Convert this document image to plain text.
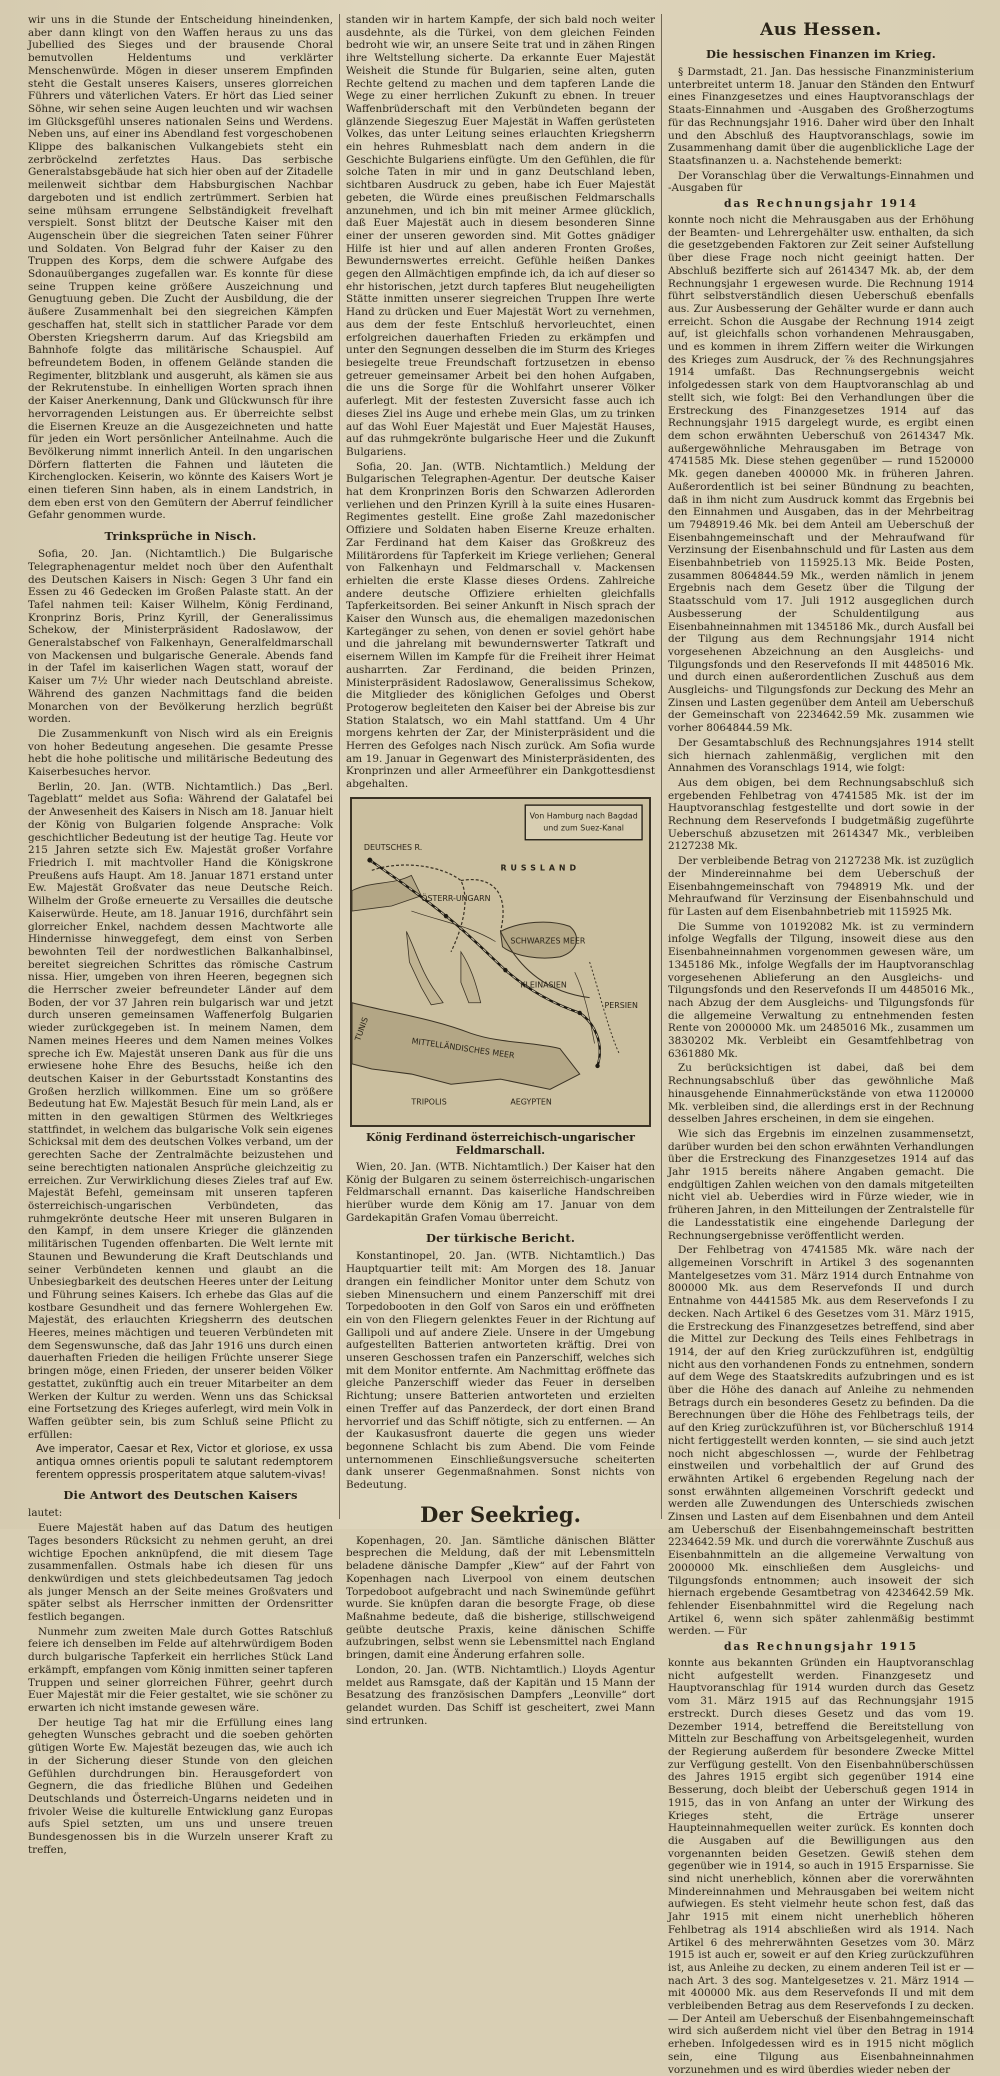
wir uns in die Stunde der Entscheidung hineindenken, aber dann klingt von den Waffen heraus zu uns das Jubellied des Sieges und der brausende Choral bemutvollen Heldentums und verklärter Menschenwürde. Mögen in dieser unserem Empfinden steht die Gestalt unseres Kaisers, unseres glorreichen Führers und väterlichen Vaters. Er hört das Lied seiner Söhne, wir sehen seine Augen leuchten und wir wachsen im Glücksgefühl unseres nationalen Seins und Werdens. Neben uns, auf einer ins Abendland fest vorgeschobenen Klippe des balkanischen Vulkangebiets steht ein zerbröckelnd zerfetztes Haus. Das serbische Generalstabsgebäude hat sich hier oben auf der Zitadelle meilenweit sichtbar dem Habsburgischen Nachbar dargeboten und ist endlich zertrümmert. Serbien hat seine mühsam errungene Selbständigkeit frevelhaft verspielt. Sonst blitzt der Deutsche Kaiser mit den Augenschein über die siegreichen Taten seiner Führer und Soldaten. Von Belgrad fuhr der Kaiser zu den Truppen des Korps, dem die schwere Aufgabe des Sdonauüberganges zugefallen war. Es konnte für diese seine Truppen keine größere Auszeichnung und Genugtuung geben. Die Zucht der Ausbildung, die der äußere Zusammenhalt bei den siegreichen Kämpfen geschaffen hat, stellt sich in stattlicher Parade vor dem Obersten Kriegsherrn darum. Auf das Kriegsbild am Bahnhofe folgte das militärische Schauspiel. Auf befreundetem Boden, in offenem Gelände standen die Regimenter, blitzblank und ausgeruht, als kämen sie aus der Rekrutenstube. In einhelligen Worten sprach ihnen der Kaiser Anerkennung, Dank und Glückwunsch für ihre hervorragenden Leistungen aus. Er überreichte selbst die Eisernen Kreuze an die Ausgezeichneten und hatte für jeden ein Wort persönlicher Anteilnahme. Auch die Bevölkerung nimmt innerlich Anteil. In den ungarischen Dörfern flatterten die Fahnen und läuteten die Kirchenglocken. Keiserin, wo könnte des Kaisers Wort je einen tieferen Sinn haben, als in einem Landstrich, in dem eben erst von den Gemütern der Aberruf feindlicher Gefahr genommen wurde.

Trinksprüche in Nisch.

Sofia, 20. Jan. (Nichtamtlich.) Die Bulgarische Telegraphenagentur meldet noch über den Aufenthalt des Deutschen Kaisers in Nisch: Gegen 3 Uhr fand ein Essen zu 46 Gedecken im Großen Palaste statt. An der Tafel nahmen teil: Kaiser Wilhelm, König Ferdinand, Kronprinz Boris, Prinz Kyrill, der Generalissimus Schekow, der Ministerpräsident Radoslawow, der Generalstabschef von Falkenhayn, Generalfeldmarschall von Mackensen und bulgarische Generale. Abends fand in der Tafel im kaiserlichen Wagen statt, worauf der Kaiser um 7½ Uhr wieder nach Deutschland abreiste. Während des ganzen Nachmittags fand die beiden Monarchen von der Bevölkerung herzlich begrüßt worden.

Die Zusammenkunft von Nisch wird als ein Ereignis von hoher Bedeutung angesehen. Die gesamte Presse hebt die hohe politische und militärische Bedeutung des Kaiserbesuches hervor.

Berlin, 20. Jan. (WTB. Nichtamtlich.) Das „Berl. Tageblatt“ meldet aus Sofia: Während der Galatafel bei der Anwesenheit des Kaisers in Nisch am 18. Januar hielt der König von Bulgarien folgende Ansprache: Volk geschichtlicher Bedeutung ist der heutige Tag. Heute vor 215 Jahren setzte sich Ew. Majestät großer Vorfahre Friedrich I. mit machtvoller Hand die Königskrone Preußens aufs Haupt. Am 18. Januar 1871 erstand unter Ew. Majestät Großvater das neue Deutsche Reich. Wilhelm der Große erneuerte zu Versailles die deutsche Kaiserwürde. Heute, am 18. Januar 1916, durchfährt sein glorreicher Enkel, nachdem dessen Machtworte alle Hindernisse hinweggefegt, dem einst von Serben bewohnten Teil der nordwestlichen Balkanhalbinsel, bereitet siegreichen Schrittes das römische Castrum nissa. Hier, umgeben von ihren Heeren, begegnen sich die Herrscher zweier befreundeter Länder auf dem Boden, der vor 37 Jahren rein bulgarisch war und jetzt durch unseren gemeinsamen Waffenerfolg Bulgarien wieder zurückgegeben ist. In meinem Namen, dem Namen meines Heeres und dem Namen meines Volkes spreche ich Ew. Majestät unseren Dank aus für die uns erwiesene hohe Ehre des Besuchs, heiße ich den deutschen Kaiser in der Geburtsstadt Konstantins des Großen herzlich willkommen. Eine um so größere Bedeutung hat Ew. Majestät Besuch für mein Land, als er mitten in den gewaltigen Stürmen des Weltkrieges stattfindet, in welchem das bulgarische Volk sein eigenes Schicksal mit dem des deutschen Volkes verband, um der gerechten Sache der Zentralmächte beizustehen und seine berechtigten nationalen Ansprüche gleichzeitig zu erreichen. Zur Verwirklichung dieses Zieles traf auf Ew. Majestät Befehl, gemeinsam mit unseren tapferen österreichisch-ungarischen Verbündeten, das ruhmgekrönte deutsche Heer mit unseren Bulgaren in den Kampf, in dem unsere Krieger die glänzenden militärischen Tugenden offenbarten. Die Welt lernte mit Staunen und Bewunderung die Kraft Deutschlands und seiner Verbündeten kennen und glaubt an die Unbesiegbarkeit des deutschen Heeres unter der Leitung und Führung seines Kaisers. Ich erhebe das Glas auf die kostbare Gesundheit und das fernere Wohlergehen Ew. Majestät, des erlauchten Kriegsherrn des deutschen Heeres, meines mächtigen und teueren Verbündeten mit dem Segenswunsche, daß das Jahr 1916 uns durch einen dauerhaften Frieden die heiligen Früchte unserer Siege bringen möge, einen Frieden, der unserer beiden Völker gestattet, zukünftig auch ein treuer Mitarbeiter an dem Werken der Kultur zu werden. Wenn uns das Schicksal eine Fortsetzung des Krieges auferlegt, wird mein Volk in Waffen geübter sein, bis zum Schluß seine Pflicht zu erfüllen:

Ave imperator, Caesar et Rex, Victor et gloriose, ex ussa antiqua omnes orientis populi te salutant redemptorem ferentem oppressis prosperitatem atque salutem-vivas!

Die Antwort des Deutschen Kaisers

lautet:

Euere Majestät haben auf das Datum des heutigen Tages besonders Rücksicht zu nehmen geruht, an drei wichtige Epochen anknüpfend, die mit diesem Tage zusammenfallen. Ostmals habe ich diesen für uns denkwürdigen und stets gleichbedeutsamen Tag jedoch als junger Mensch an der Seite meines Großvaters und später selbst als Herrscher inmitten der Ordensritter festlich begangen.

Nunmehr zum zweiten Male durch Gottes Ratschluß feiere ich denselben im Felde auf altehrwürdigem Boden durch bulgarische Tapferkeit ein herrliches Stück Land erkämpft, empfangen vom König inmitten seiner tapferen Truppen und seiner glorreichen Führer, geehrt durch Euer Majestät mir die Feier gestaltet, wie sie schöner zu erwarten ich nicht imstande gewesen wäre.

Der heutige Tag hat mir die Erfüllung eines lang gehegten Wunsches gebracht und die soeben gehörten gütigen Worte Ew. Majestät bezeugen das, wie auch ich in der Sicherung dieser Stunde von den gleichen Gefühlen durchdrungen bin. Herausgefordert von Gegnern, die das friedliche Blühen und Gedeihen Deutschlands und Österreich-Ungarns neideten und in frivoler Weise die kulturelle Entwicklung ganz Europas aufs Spiel setzten, um uns und unsere treuen Bundesgenossen bis in die Wurzeln unserer Kraft zu treffen,

standen wir in hartem Kampfe, der sich bald noch weiter ausdehnte, als die Türkei, von dem gleichen Feinden bedroht wie wir, an unsere Seite trat und in zähen Ringen ihre Weltstellung sicherte. Da erkannte Euer Majestät Weisheit die Stunde für Bulgarien, seine alten, guten Rechte geltend zu machen und dem tapferen Lande die Wege zu einer herrlichen Zukunft zu ebnen. In treuer Waffenbrüderschaft mit den Verbündeten begann der glänzende Siegeszug Euer Majestät in Waffen gerüsteten Volkes, das unter Leitung seines erlauchten Kriegsherrn ein hehres Ruhmesblatt nach dem andern in die Geschichte Bulgariens einfügte. Um den Gefühlen, die für solche Taten in mir und in ganz Deutschland leben, sichtbaren Ausdruck zu geben, habe ich Euer Majestät gebeten, die Würde eines preußischen Feldmarschalls anzunehmen, und ich bin mit meiner Armee glücklich, daß Euer Majestät auch in diesem besonderen Sinne einer der unseren geworden sind. Mit Gottes gnädiger Hilfe ist hier und auf allen anderen Fronten Großes, Bewundernswertes erreicht. Gefühle heißen Dankes gegen den Allmächtigen empfinde ich, da ich auf dieser so ehr historischen, jetzt durch tapferes Blut neugeheiligten Stätte inmitten unserer siegreichen Truppen Ihre werte Hand zu drücken und Euer Majestät Wort zu vernehmen, aus dem der feste Entschluß hervorleuchtet, einen erfolgreichen dauerhaften Frieden zu erkämpfen und unter den Segnungen desselben die im Sturm des Krieges besiegelte treue Freundschaft fortzusetzen in ebenso getreuer gemeinsamer Arbeit bei den hohen Aufgaben, die uns die Sorge für die Wohlfahrt unserer Völker auferlegt. Mit der festesten Zuversicht fasse auch ich dieses Ziel ins Auge und erhebe mein Glas, um zu trinken auf das Wohl Euer Majestät und Euer Majestät Hauses, auf das ruhmgekrönte bulgarische Heer und die Zukunft Bulgariens.

Sofia, 20. Jan. (WTB. Nichtamtlich.) Meldung der Bulgarischen Telegraphen-Agentur. Der deutsche Kaiser hat dem Kronprinzen Boris den Schwarzen Adlerorden verliehen und den Prinzen Kyrill à la suite eines Husaren-Regimentes gestellt. Eine große Zahl mazedonischer Offiziere und Soldaten haben Eiserne Kreuze erhalten. Zar Ferdinand hat dem Kaiser das Großkreuz des Militärordens für Tapferkeit im Kriege verliehen; General von Falkenhayn und Feldmarschall v. Mackensen erhielten die erste Klasse dieses Ordens. Zahlreiche andere deutsche Offiziere erhielten gleichfalls Tapferkeitsorden. Bei seiner Ankunft in Nisch sprach der Kaiser den Wunsch aus, die ehemaligen mazedonischen Kartegänger zu sehen, von denen er soviel gehört habe und die jahrelang mit bewundernswerter Tatkraft und eisernem Willen im Kampfe für die Freiheit ihrer Heimat ausharrten. Zar Ferdinand, die beiden Prinzen, Ministerpräsident Radoslawow, Generalissimus Schekow, die Mitglieder des königlichen Gefolges und Oberst Protogerow begleiteten den Kaiser bei der Abreise bis zur Station Stalatsch, wo ein Mahl stattfand. Um 4 Uhr morgens kehrten der Zar, der Ministerpräsident und die Herren des Gefolges nach Nisch zurück. Am Sofia wurde am 19. Januar in Gegenwart des Ministerpräsidenten, des Kronprinzen und aller Armeeführer ein Dankgottesdienst abgehalten.

Von Hamburg nach Bagdad
und zum Suez-Kanal
DEUTSCHES R.
RUSSLAND
ÖSTERR-UNGARN
SCHWARZES MEER
KLEINASIEN
MITTELLÄNDISCHES MEER
PERSIEN
TUNIS
TRIPOLIS	AEGYPTEN
König Ferdinand österreichisch-ungarischer Feldmarschall.

Wien, 20. Jan. (WTB. Nichtamtlich.) Der Kaiser hat den König der Bulgaren zu seinem österreichisch-ungarischen Feldmarschall ernannt. Das kaiserliche Handschreiben hierüber wurde dem König am 17. Januar von dem Gardekapitän Grafen Vomau überreicht.

Der türkische Bericht.

Konstantinopel, 20. Jan. (WTB. Nichtamtlich.) Das Hauptquartier teilt mit: Am Morgen des 18. Januar drangen ein feindlicher Monitor unter dem Schutz von sieben Minensuchern und einem Panzerschiff mit drei Torpedobooten in den Golf von Saros ein und eröffneten ein von den Fliegern gelenktes Feuer in der Richtung auf Gallipoli und auf andere Ziele. Unsere in der Umgebung aufgestellten Batterien antworteten kräftig. Drei von unseren Geschossen trafen ein Panzerschiff, welches sich mit dem Monitor entfernte. Am Nachmittag eröffnete das gleiche Panzerschiff wieder das Feuer in derselben Richtung; unsere Batterien antworteten und erzielten einen Treffer auf das Panzerdeck, der dort einen Brand hervorrief und das Schiff nötigte, sich zu entfernen. — An der Kaukasusfront dauerte die gegen uns wieder begonnene Schlacht bis zum Abend. Die vom Feinde unternommenen Einschließungsversuche scheiterten dank unserer Gegenmaßnahmen. Sonst nichts von Bedeutung.

Der Seekrieg.

Kopenhagen, 20. Jan. Sämtliche dänischen Blätter besprechen die Meldung, daß der mit Lebensmitteln beladene dänische Dampfer „Kiew“ auf der Fahrt von Kopenhagen nach Liverpool von einem deutschen Torpedoboot aufgebracht und nach Swinemünde geführt wurde. Sie knüpfen daran die besorgte Frage, ob diese Maßnahme bedeute, daß die bisherige, stillschweigend geübte deutsche Praxis, keine dänischen Schiffe aufzubringen, selbst wenn sie Lebensmittel nach England bringen, damit eine Änderung erfahren solle.

London, 20. Jan. (WTB. Nichtamtlich.) Lloyds Agentur meldet aus Ramsgate, daß der Kapitän und 15 Mann der Besatzung des französischen Dampfers „Leonville“ dort gelandet wurden. Das Schiff ist gescheitert, zwei Mann sind ertrunken.

Aus Hessen.
Die hessischen Finanzen im Krieg.

§ Darmstadt, 21. Jan. Das hessische Finanzministerium unterbreitet unterm 18. Januar den Ständen den Entwurf eines Finanzgesetzes und eines Hauptvoranschlags der Staats-Einnahmen und -Ausgaben des Großherzogtums für das Rechnungsjahr 1916. Daher wird über den Inhalt und den Abschluß des Hauptvoranschlags, sowie im Zusammenhang damit über die augenblickliche Lage der Staatsfinanzen u. a. Nachstehende bemerkt:

Der Voranschlag über die Verwaltungs-Einnahmen und -Ausgaben für

das Rechnungsjahr 1914

konnte noch nicht die Mehrausgaben aus der Erhöhung der Beamten- und Lehrergehälter usw. enthalten, da sich die gesetzgebenden Faktoren zur Zeit seiner Aufstellung über diese Frage noch nicht geeinigt hatten. Der Abschluß bezifferte sich auf 2614347 Mk. ab, der dem Rechnungsjahr 1 ergewesen wurde. Die Rechnung 1914 führt selbstverständlich diesen Ueberschuß ebenfalls aus. Zur Ausbesserung der Gehälter wurde er dann auch erreicht. Schon die Ausgabe der Rechnung 1914 zeigt auf, ist gleichfalls schon vorhandenen Mehrausgaben, und es kommen in ihrem Ziffern weiter die Wirkungen des Krieges zum Ausdruck, der ⅞ des Rechnungsjahres 1914 umfaßt. Das Rechnungsergebnis weicht infolgedessen stark von dem Hauptvoranschlag ab und stellt sich, wie folgt: Bei den Verhandlungen über die Erstreckung des Finanzgesetzes 1914 auf das Rechnungsjahr 1915 dargelegt wurde, es ergibt einen dem schon erwähnten Ueberschuß von 2614347 Mk. außergewöhnliche Mehrausgaben im Betrage von 4741585 Mk. Diese stehen gegenüber — rund 1520000 Mk. gegen daneben 400000 Mk. in früheren Jahren. Außerordentlich ist bei seiner Bündnung zu beachten, daß in ihm nicht zum Ausdruck kommt das Ergebnis bei den Einnahmen und Ausgaben, das in der Mehrbeitrag um 7948919.46 Mk. bei dem Anteil am Ueberschuß der Eisenbahngemeinschaft und der Mehraufwand für Verzinsung der Eisenbahnschuld und für Lasten aus dem Eisenbahnbetrieb von 115925.13 Mk. Beide Posten, zusammen 8064844.59 Mk., werden nämlich in jenem Ergebnis nach dem Gesetz über die Tilgung der Staatsschuld vom 17. Juli 1912 ausgeglichen durch Ausbesserung der Schuldentilgung aus Eisenbahneinnahmen mit 1345186 Mk., durch Ausfall bei der Tilgung aus dem Rechnungsjahr 1914 nicht vorgesehenen Abzeichnung an den Ausgleichs- und Tilgungsfonds und den Reservefonds II mit 4485016 Mk. und durch einen außerordentlichen Zuschuß aus dem Ausgleichs- und Tilgungsfonds zur Deckung des Mehr an Zinsen und Lasten gegenüber dem Anteil am Ueberschuß der Gemeinschaft von 2234642.59 Mk. zusammen wie vorher 8064844.59 Mk.

Der Gesamtabschluß des Rechnungsjahres 1914 stellt sich hiernach zahlenmäßig, verglichen mit den Annahmen des Voranschlags 1914, wie folgt:

Aus dem obigen, bei dem Rechnungsabschluß sich ergebenden Fehlbetrag von 4741585 Mk. ist der im Hauptvoranschlag festgestellte und dort sowie in der Rechnung dem Reservefonds I budgetmäßig zugeführte Ueberschuß abzusetzen mit 2614347 Mk., verbleiben 2127238 Mk.

Der verbleibende Betrag von 2127238 Mk. ist zuzüglich der Mindereinnahme bei dem Ueberschuß der Eisenbahngemeinschaft von 7948919 Mk. und der Mehraufwand für Verzinsung der Eisenbahnschuld und für Lasten auf dem Eisenbahnbetrieb mit 115925 Mk.

Die Summe von 10192082 Mk. ist zu vermindern infolge Wegfalls der Tilgung, insoweit diese aus den Eisenbahneinnahmen vorgenommen gewesen wäre, um 1345186 Mk., infolge Wegfalls der im Hauptvoranschlag vorgesehenen Ablieferung an den Ausgleichs- und Tilgungsfonds und den Reservefonds II um 4485016 Mk., nach Abzug der dem Ausgleichs- und Tilgungsfonds für die allgemeine Verwaltung zu entnehmenden festen Rente von 2000000 Mk. um 2485016 Mk., zusammen um 3830202 Mk. Verbleibt ein Gesamtfehlbetrag von 6361880 Mk.

Zu berücksichtigen ist dabei, daß bei dem Rechnungsabschluß über das gewöhnliche Maß hinausgehende Einnahmerückstände von etwa 1120000 Mk. verbleiben sind, die allerdings erst in der Rechnung desselben Jahres erscheinen, in dem sie eingehen.

Wie sich das Ergebnis im einzelnen zusammensetzt, darüber wurden bei den schon erwähnten Verhandlungen über die Erstreckung des Finanzgesetzes 1914 auf das Jahr 1915 bereits nähere Angaben gemacht. Die endgültigen Zahlen weichen von den damals mitgeteilten nicht viel ab. Ueberdies wird in Fürze wieder, wie in früheren Jahren, in den Mitteilungen der Zentralstelle für die Landesstatistik eine eingehende Darlegung der Rechnungsergebnisse veröffentlicht werden.

Der Fehlbetrag von 4741585 Mk. wäre nach der allgemeinen Vorschrift in Artikel 3 des sogenannten Mantelgesetzes vom 31. März 1914 durch Entnahme von 800000 Mk. aus dem Reservefonds II und durch Entnahme von 4441585 Mk. aus dem Reservefonds I zu decken. Nach Artikel 6 des Gesetzes vom 31. März 1915, die Erstreckung des Finanzgesetzes betreffend, sind aber die Mittel zur Deckung des Teils eines Fehlbetrags in 1914, der auf den Krieg zurückzuführen ist, endgültig nicht aus den vorhandenen Fonds zu entnehmen, sondern auf dem Wege des Staatskredits aufzubringen und es ist über die Höhe des danach auf Anleihe zu nehmenden Betrags durch ein besonderes Gesetz zu befinden. Da die Berechnungen über die Höhe des Fehlbetrags teils, der auf den Krieg zurückzuführen ist, vor Bücherschluß 1914 nicht fertiggestellt werden konnten, — sie sind auch jetzt noch nicht abgeschlossen —, wurde der Fehlbetrag einstweilen und vorbehaltlich der auf Grund des erwähnten Artikel 6 ergebenden Regelung nach der sonst erwähnten allgemeinen Vorschrift gedeckt und werden alle Zuwendungen des Unterschieds zwischen Zinsen und Lasten auf dem Eisenbahnen und dem Anteil am Ueberschuß der Eisenbahngemeinschaft bestritten 2234642.59 Mk. und durch die vorerwähnte Zuschuß aus Eisenbahnmitteln an die allgemeine Verwaltung von 2000000 Mk. einschließen dem Ausgleichs- und Tilgungsfonds entnommen; auch insoweit der sich hiernach ergebende Gesamtbetrag von 4234642.59 Mk. fehlender Eisenbahnmittel wird die Regelung nach Artikel 6, wenn sich später zahlenmäßig bestimmt werden. — Für

das Rechnungsjahr 1915

konnte aus bekannten Gründen ein Hauptvoranschlag nicht aufgestellt werden. Finanzgesetz und Hauptvoranschlag für 1914 wurden durch das Gesetz vom 31. März 1915 auf das Rechnungsjahr 1915 erstreckt. Durch dieses Gesetz und das vom 19. Dezember 1914, betreffend die Bereitstellung von Mitteln zur Beschaffung von Arbeitsgelegenheit, wurden der Regierung außerdem für besondere Zwecke Mittel zur Verfügung gestellt. Von den Eisenbahnüberschüssen des Jahres 1915 ergibt sich gegenüber 1914 eine Besserung, doch bleibt der Ueberschuß gegen 1914 in 1915, das in von Anfang an unter der Wirkung des Krieges steht, die Erträge unserer Haupteinnahmequellen weiter zurück. Es konnten doch die Ausgaben auf die Bewilligungen aus den vorgenannten beiden Gesetzen. Gewiß stehen dem gegenüber wie in 1914, so auch in 1915 Ersparnisse. Sie sind nicht unerheblich, können aber die vorerwähnten Mindereinnahmen und Mehrausgaben bei weitem nicht aufwiegen. Es steht vielmehr heute schon fest, daß das Jahr 1915 mit einem nicht unerheblich höheren Fehlbetrag als 1914 abschließen wird als 1914. Nach Artikel 6 des mehrerwähnten Gesetzes vom 30. März 1915 ist auch er, soweit er auf den Krieg zurückzuführen ist, aus Anleihe zu decken, zu einem anderen Teil ist er — nach Art. 3 des sog. Mantelgesetzes v. 21. März 1914 — mit 400000 Mk. aus dem Reservefonds II und mit dem verbleibenden Betrag aus dem Reservefonds I zu decken. — Der Anteil am Ueberschuß der Eisenbahngemeinschaft wird sich außerdem nicht viel über den Betrag in 1914 erheben. Infolgedessen wird es in 1915 nicht möglich sein, eine Tilgung aus Eisenbahneinnahmen vorzunehmen und es wird überdies wieder neben der
